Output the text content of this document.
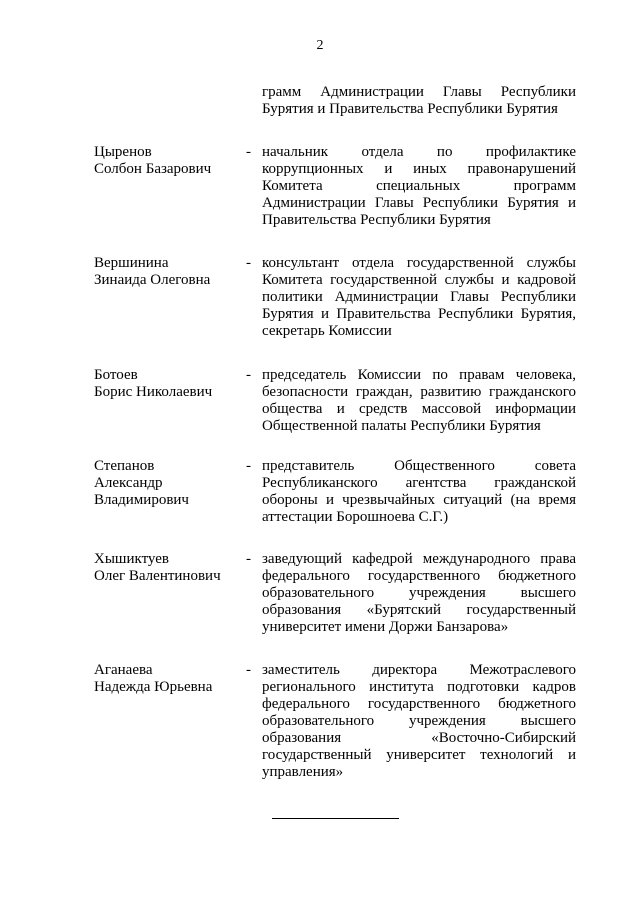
2
грамм Администрации Главы Республики Бурятия и Правительства Республики Бурятия
Цыренов
Солбон Базарович
- начальник отдела по профилактике коррупционных и иных правонарушений Комитета специальных программ Администрации Главы Республики Бурятия и Правительства Республики Бурятия
Вершинина
Зинаида Олеговна
- консультант отдела государственной службы Комитета государственной службы и кадровой политики Администрации Главы Республики Бурятия и Правительства Республики Бурятия, секретарь Комиссии
Ботоев
Борис Николаевич
- председатель Комиссии по правам человека, безопасности граждан, развитию гражданского общества и средств массовой информации Общественной палаты Республики Бурятия
Степанов
Александр
Владимирович
- представитель Общественного совета Республиканского агентства гражданской обороны и чрезвычайных ситуаций (на время аттестации Борошноева С.Г.)
Хышиктуев
Олег Валентинович
- заведующий кафедрой международного права федерального государственного бюджетного образовательного учреждения высшего образования «Бурятский государственный университет имени Доржи Банзарова»
Аганаева
Надежда Юрьевна
- заместитель директора Межотраслевого регионального института подготовки кадров федерального государственного бюджетного образовательного учреждения высшего образования «Восточно-Сибирский государственный университет технологий и управления»
